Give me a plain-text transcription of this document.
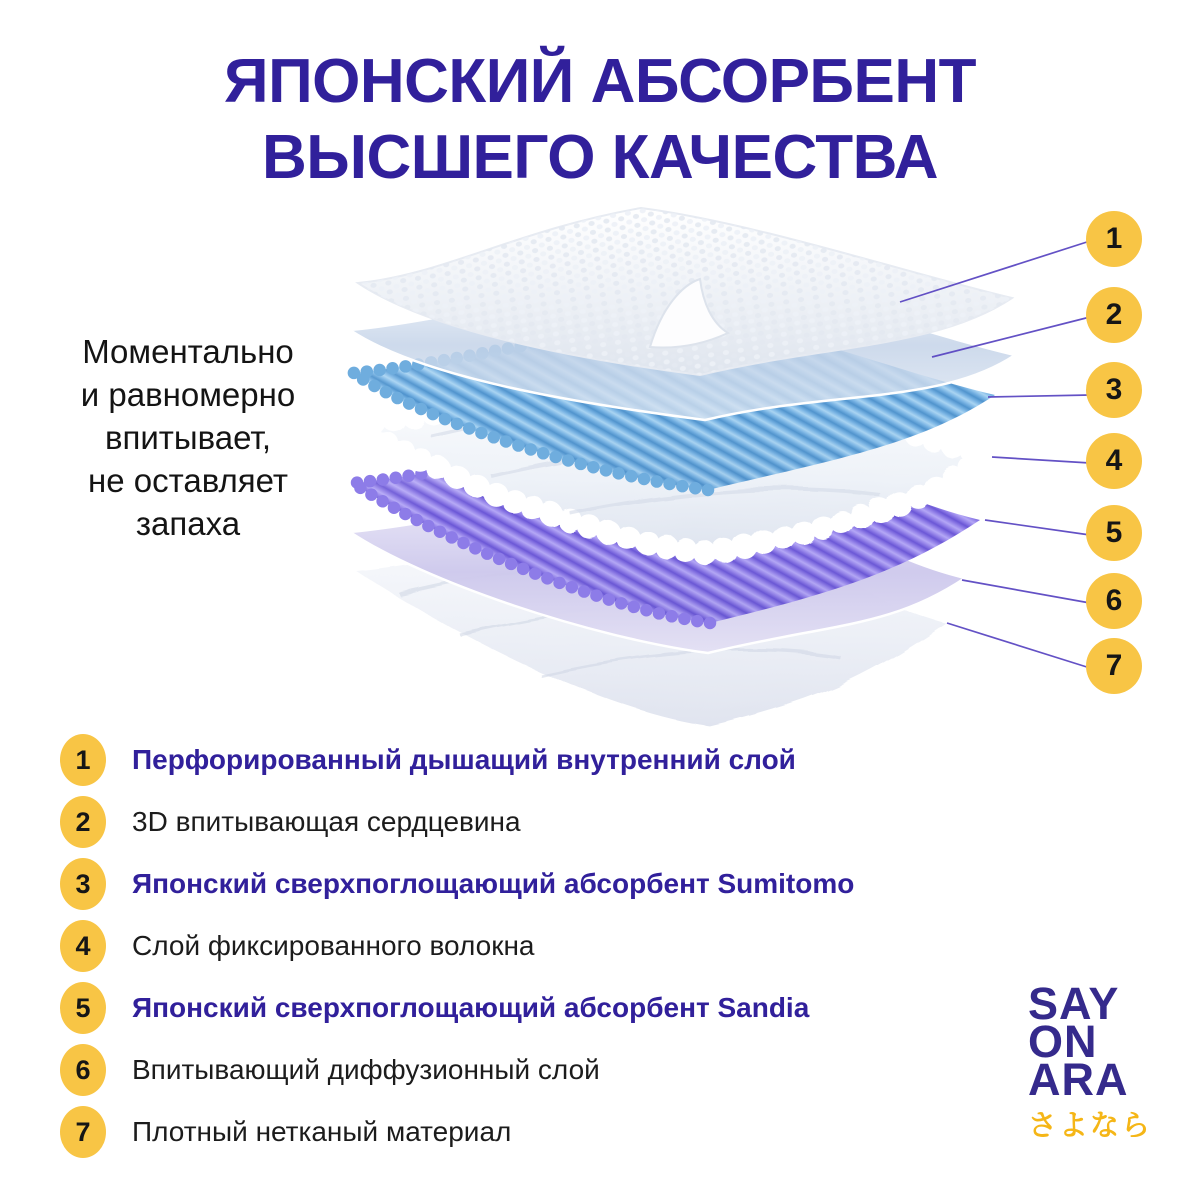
ЯПОНСКИЙ АБСОРБЕНТ
ВЫСШЕГО КАЧЕСТВА
Моментально
и равномерно
впитывает,
не оставляет
запаха
1
2
3
4
5
6
7
1	Перфорированный дышащий внутренний слой
2	3D впитывающая сердцевина
3	Японский сверхпоглощающий абсорбент Sumitomo
4	Слой фиксированного волокна
5	Японский сверхпоглощающий абсорбент Sandia
6	Впитывающий диффузионный слой
7	Плотный нетканый материал
SAY
ON
ARA
さよなら
